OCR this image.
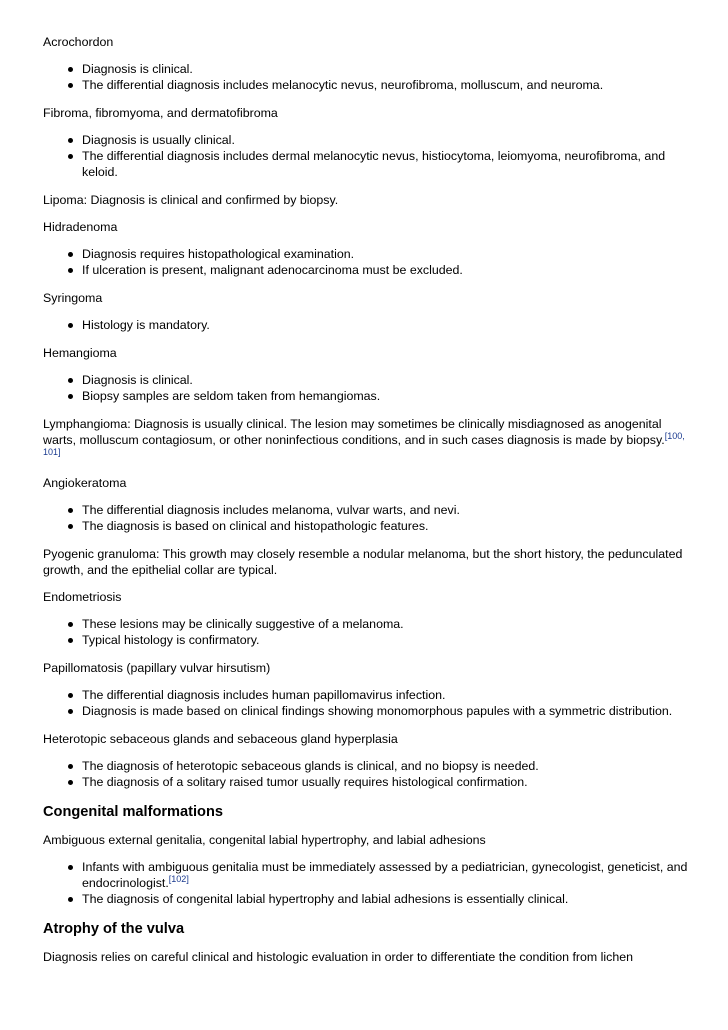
Acrochordon

Diagnosis is clinical.
The differential diagnosis includes melanocytic nevus, neurofibroma, molluscum, and neuroma.

Fibroma, fibromyoma, and dermatofibroma

Diagnosis is usually clinical.
The differential diagnosis includes dermal melanocytic nevus, histiocytoma, leiomyoma, neurofibroma, and keloid.

Lipoma: Diagnosis is clinical and confirmed by biopsy.

Hidradenoma

Diagnosis requires histopathological examination.
If ulceration is present, malignant adenocarcinoma must be excluded.

Syringoma

Histology is mandatory.

Hemangioma

Diagnosis is clinical.
Biopsy samples are seldom taken from hemangiomas.

Lymphangioma: Diagnosis is usually clinical. The lesion may sometimes be clinically misdiagnosed as anogenital warts, molluscum contagiosum, or other noninfectious conditions, and in such cases diagnosis is made by biopsy.[100, 101]

Angiokeratoma

The differential diagnosis includes melanoma, vulvar warts, and nevi.
The diagnosis is based on clinical and histopathologic features.

Pyogenic granuloma: This growth may closely resemble a nodular melanoma, but the short history, the pedunculated growth, and the epithelial collar are typical.

Endometriosis

These lesions may be clinically suggestive of a melanoma.
Typical histology is confirmatory.

Papillomatosis (papillary vulvar hirsutism)

The differential diagnosis includes human papillomavirus infection.
Diagnosis is made based on clinical findings showing monomorphous papules with a symmetric distribution.

Heterotopic sebaceous glands and sebaceous gland hyperplasia

The diagnosis of heterotopic sebaceous glands is clinical, and no biopsy is needed.
The diagnosis of a solitary raised tumor usually requires histological confirmation.
Congenital malformations

Ambiguous external genitalia, congenital labial hypertrophy, and labial adhesions

Infants with ambiguous genitalia must be immediately assessed by a pediatrician, gynecologist, geneticist, and endocrinologist.[102]
The diagnosis of congenital labial hypertrophy and labial adhesions is essentially clinical.
Atrophy of the vulva

Diagnosis relies on careful clinical and histologic evaluation in order to differentiate the condition from lichen
